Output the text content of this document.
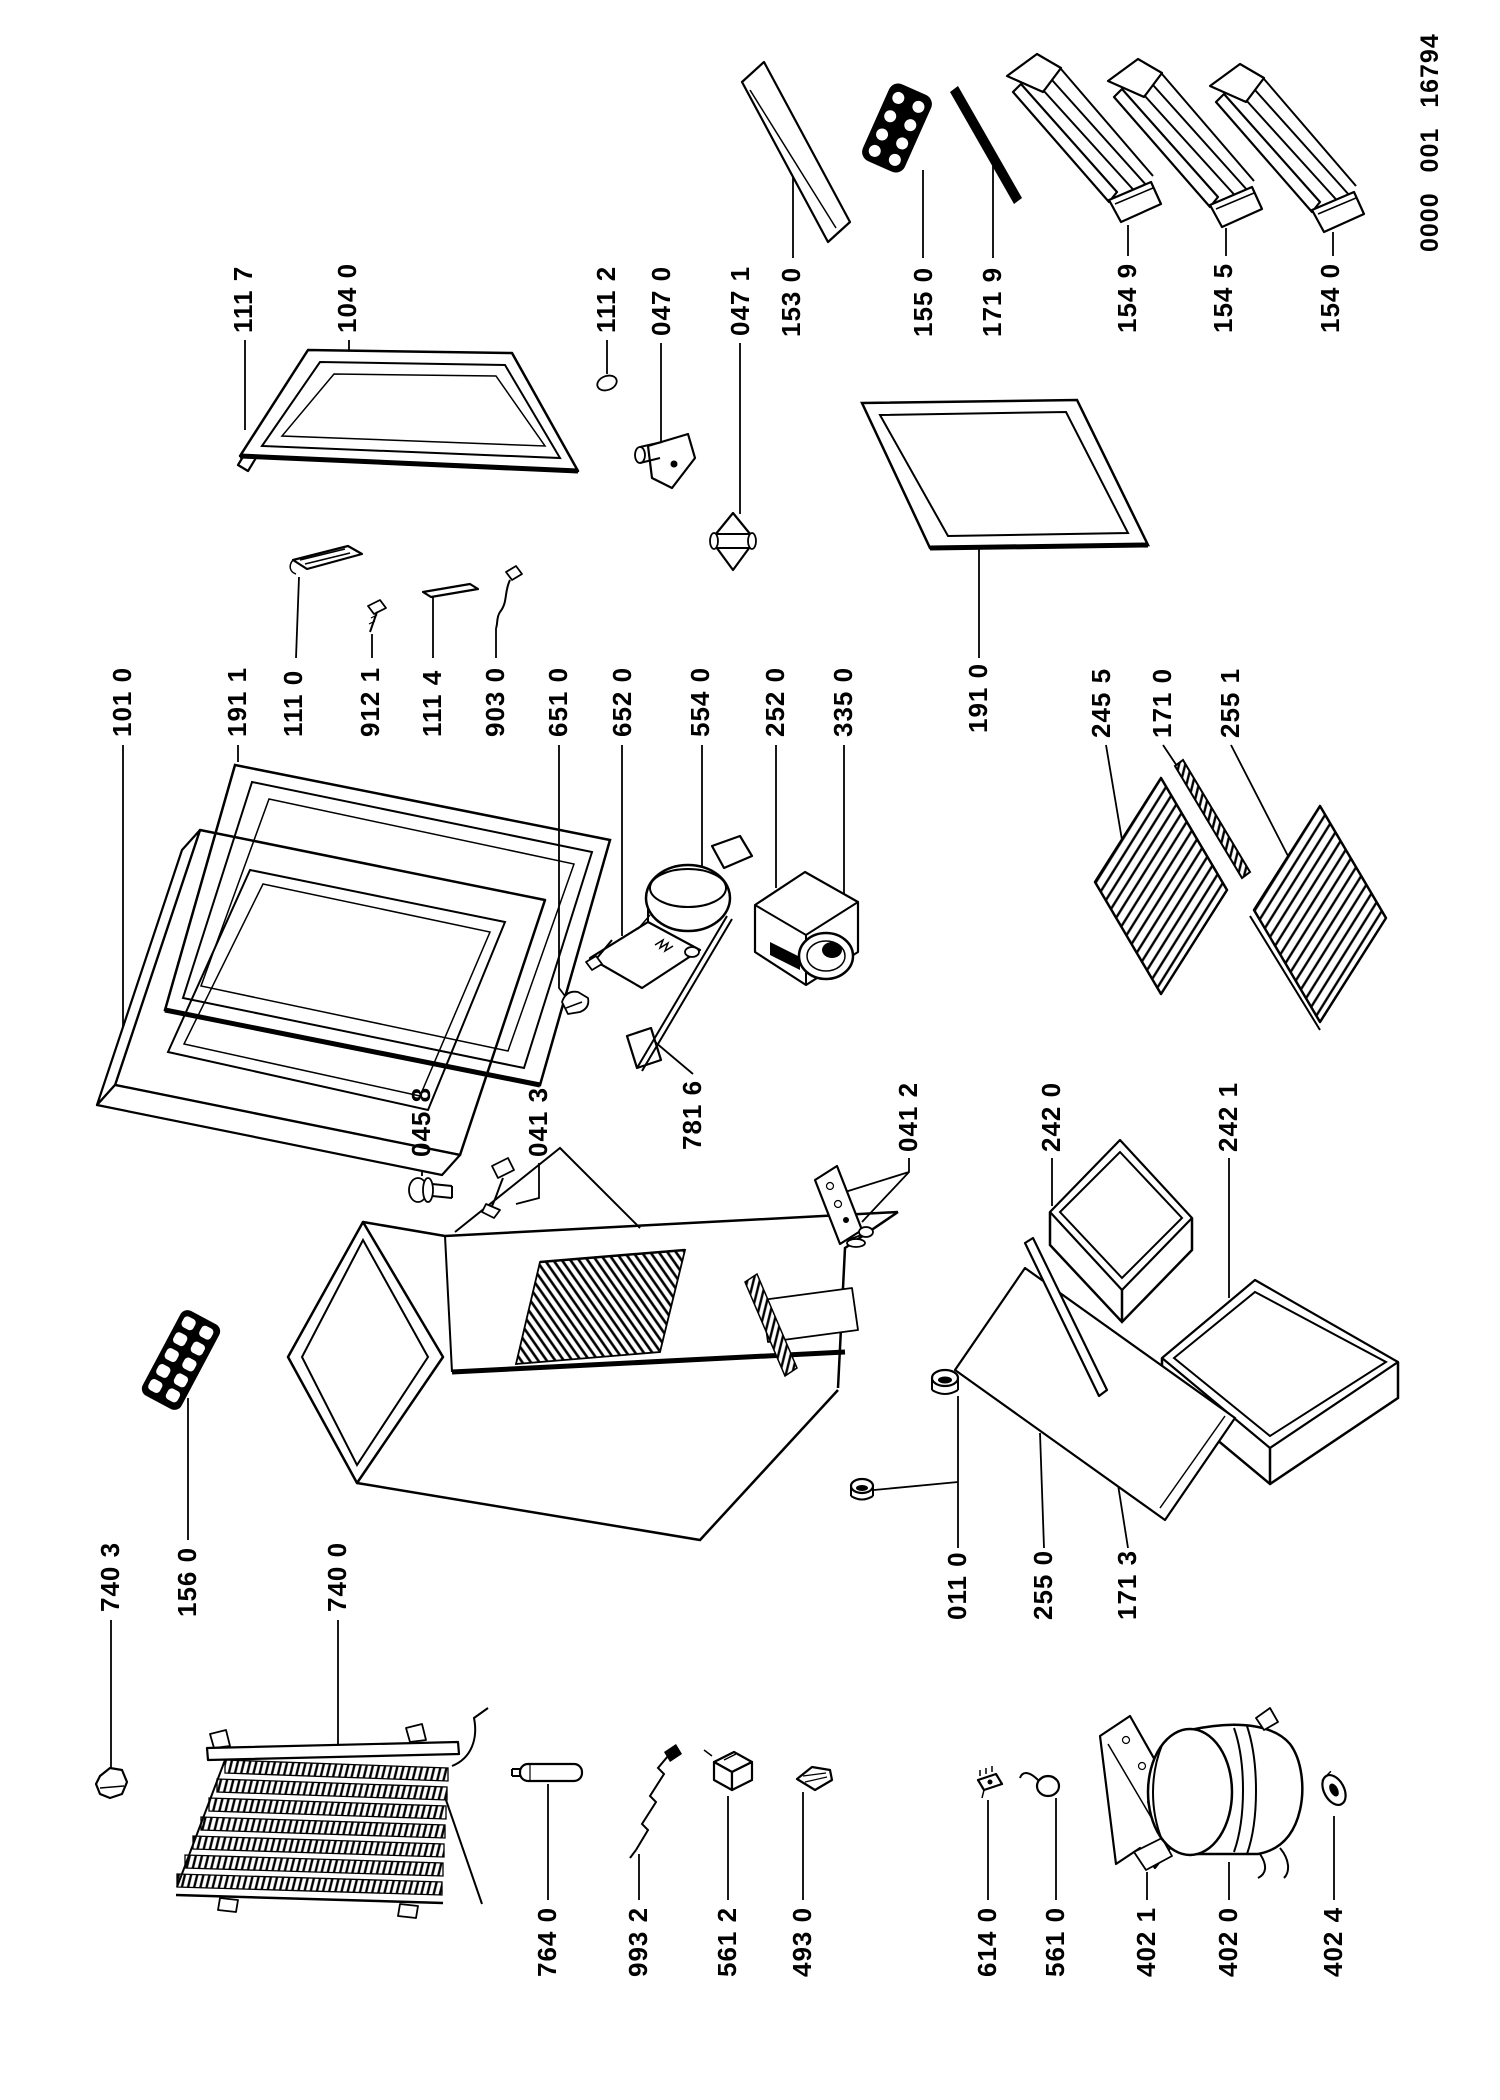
111 7	104 0	111 2 047 0 047 1 153 0	155 0 171 9	154 9	154 5	154 0
101 0	191 1 111 0 912 1 111 4 903 0 651 0 652 0 554 0 252 0 335 0
781 6
191 0	245 5 171 0 255 1
045 8	041 3	041 2	242 0	242 1
011 0 255 0 171 3
740 3 156 0	740 0
764 0 993 2 561 2 493 0	614 0 561 0 402 1 402 0	402 4
0000 001 16794
